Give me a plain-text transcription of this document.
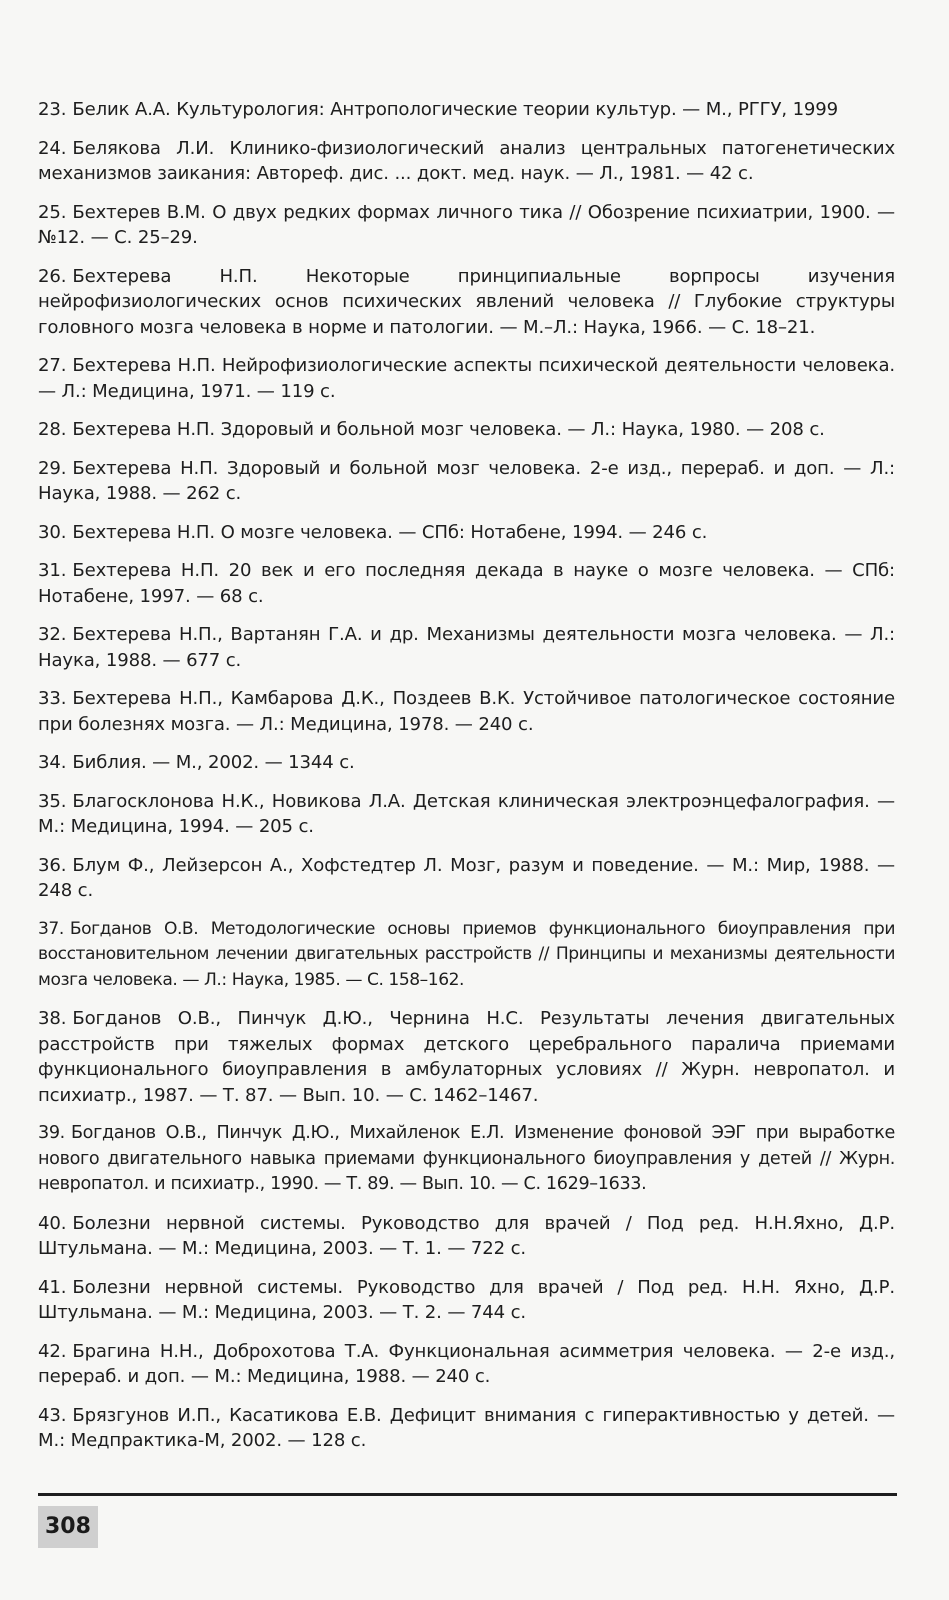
23. Белик А.А. Культурология: Антропологические теории культур. — М., РГГУ, 1999

24. Белякова Л.И. Клинико-физиологический анализ центральных патогенетических механизмов заикания: Автореф. дис. ... докт. мед. наук. — Л., 1981. — 42 с.

25. Бехтерев В.М. О двух редких формах личного тика // Обозрение психиатрии, 1900. — №12. — С. 25–29.

26. Бехтерева Н.П. Некоторые принципиальные ворпросы изучения нейрофизиологических основ психических явлений человека // Глубокие структуры головного мозга человека в норме и патологии. — М.–Л.: Наука, 1966. — С. 18–21.

27. Бехтерева Н.П. Нейрофизиологические аспекты психической деятельности человека. — Л.: Медицина, 1971. — 119 с.

28. Бехтерева Н.П. Здоровый и больной мозг человека. — Л.: Наука, 1980. — 208 с.

29. Бехтерева Н.П. Здоровый и больной мозг человека. 2-е изд., перераб. и доп. — Л.: Наука, 1988. — 262 с.

30. Бехтерева Н.П. О мозге человека. — СПб: Нотабене, 1994. — 246 с.

31. Бехтерева Н.П. 20 век и его последняя декада в науке о мозге человека. — СПб: Нотабене, 1997. — 68 с.

32. Бехтерева Н.П., Вартанян Г.А. и др. Механизмы деятельности мозга человека. — Л.: Наука, 1988. — 677 с.

33. Бехтерева Н.П., Камбарова Д.К., Поздеев В.К. Устойчивое патологическое состояние при болезнях мозга. — Л.: Медицина, 1978. — 240 с.

34. Библия. — М., 2002. — 1344 с.

35. Благосклонова Н.К., Новикова Л.А. Детская клиническая электроэнцефалография. — М.: Медицина, 1994. — 205 с.

36. Блум Ф., Лейзерсон А., Хофстедтер Л. Мозг, разум и поведение. — М.: Мир, 1988. — 248 с.

37. Богданов О.В. Методологические основы приемов функционального биоуправления при восстановительном лечении двигательных расстройств // Принципы и механизмы деятельности мозга человека. — Л.: Наука, 1985. — С. 158–162.

38. Богданов О.В., Пинчук Д.Ю., Чернина Н.С. Результаты лечения двигательных расстройств при тяжелых формах детского церебрального паралича приемами функционального биоуправления в амбулаторных условиях // Журн. невропатол. и психиатр., 1987. — Т. 87. — Вып. 10. — С. 1462–1467.

39. Богданов О.В., Пинчук Д.Ю., Михайленок Е.Л. Изменение фоновой ЭЭГ при выработке нового двигательного навыка приемами функционального биоуправления у детей // Журн. невропатол. и психиатр., 1990. — Т. 89. — Вып. 10. — С. 1629–1633.

40. Болезни нервной системы. Руководство для врачей / Под ред. Н.Н.Яхно, Д.Р. Штульмана. — М.: Медицина, 2003. — Т. 1. — 722 с.

41. Болезни нервной системы. Руководство для врачей / Под ред. Н.Н. Яхно, Д.Р. Штульмана. — М.: Медицина, 2003. — Т. 2. — 744 с.

42. Брагина Н.Н., Доброхотова Т.А. Функциональная асимметрия человека. — 2-е изд., перераб. и доп. — М.: Медицина, 1988. — 240 с.

43. Брязгунов И.П., Касатикова Е.В. Дефицит внимания с гиперактивностью у детей. — М.: Медпрактика-М, 2002. — 128 с.

308
